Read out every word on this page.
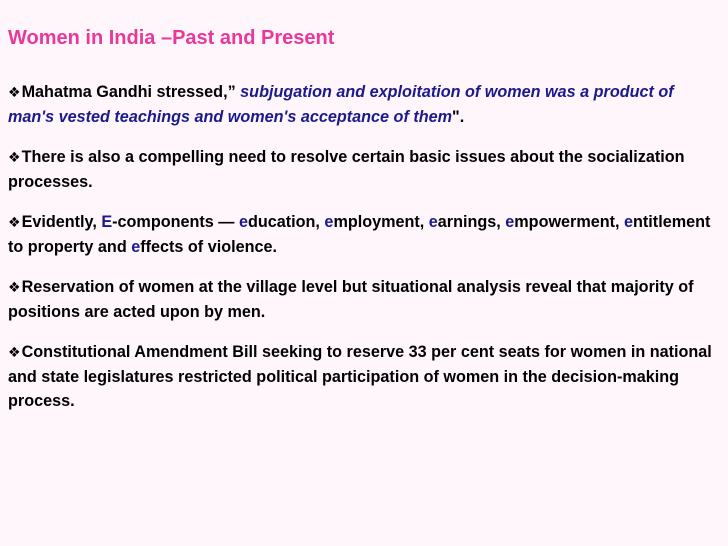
Women in India –Past and Present

❖Mahatma Gandhi stressed,” subjugation and exploitation of women was a product of man's vested teachings and women's acceptance of them".

❖There is also a compelling need to resolve certain basic issues about the socialization processes.

❖Evidently, E-components — education, employment, earnings, empowerment, entitlement to property and effects of violence.

❖Reservation of women at the village level but situational analysis reveal that majority of positions are acted upon by men.

❖Constitutional Amendment Bill seeking to reserve 33 per cent seats for women in national and state legislatures restricted political participation of women in the decision-making process.
